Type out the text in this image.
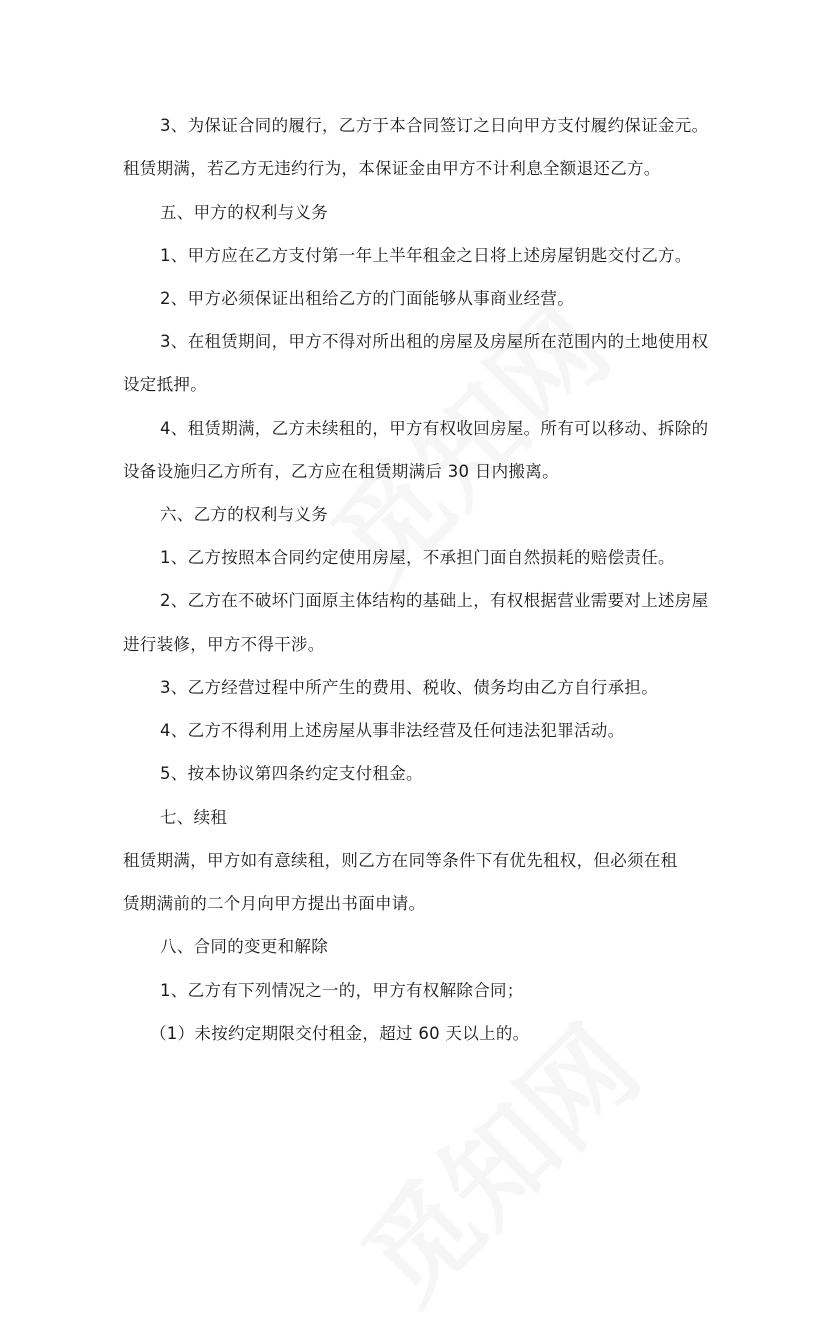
3、为保证合同的履行，乙方于本合同签订之日向甲方支付履约保证金元。
租赁期满，若乙方无违约行为，本保证金由甲方不计利息全额退还乙方。
五、甲方的权利与义务
1、甲方应在乙方支付第一年上半年租金之日将上述房屋钥匙交付乙方。
2、甲方必须保证出租给乙方的门面能够从事商业经营。
3、在租赁期间，甲方不得对所出租的房屋及房屋所在范围内的土地使用权
设定抵押。
4、租赁期满，乙方未续租的，甲方有权收回房屋。所有可以移动、拆除的
设备设施归乙方所有，乙方应在租赁期满后 30 日内搬离。
六、乙方的权利与义务
1、乙方按照本合同约定使用房屋，不承担门面自然损耗的赔偿责任。
2、乙方在不破坏门面原主体结构的基础上，有权根据营业需要对上述房屋
进行装修，甲方不得干涉。
3、乙方经营过程中所产生的费用、税收、债务均由乙方自行承担。
4、乙方不得利用上述房屋从事非法经营及任何违法犯罪活动。
5、按本协议第四条约定支付租金。
七、续租
租赁期满，甲方如有意续租，则乙方在同等条件下有优先租权，但必须在租
赁期满前的二个月向甲方提出书面申请。
八、合同的变更和解除
1、乙方有下列情况之一的，甲方有权解除合同；
（1）未按约定期限交付租金，超过 60 天以上的。
